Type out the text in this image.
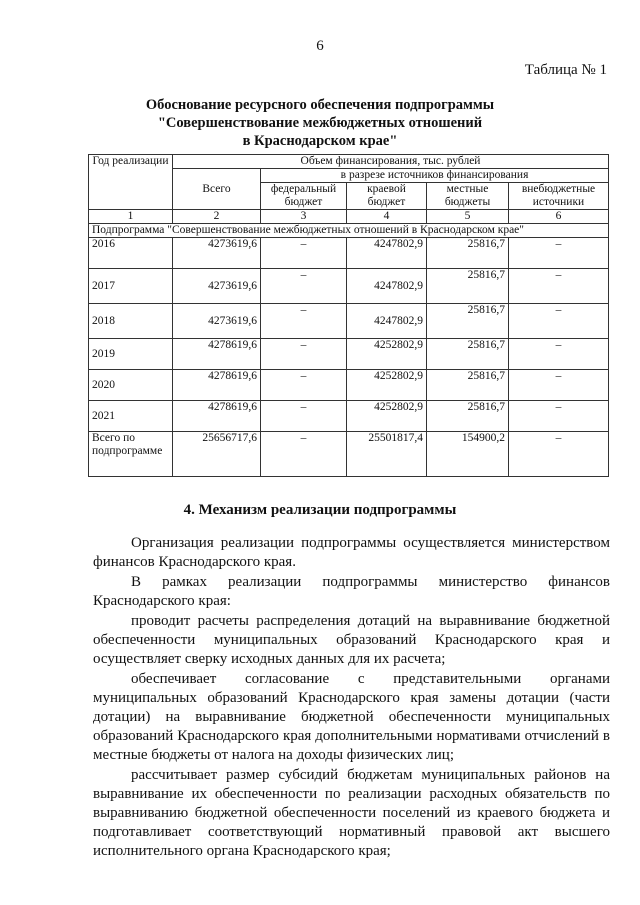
6
Таблица № 1
Обоснование ресурсного обеспечения подпрограммы
"Совершенствование межбюджетных отношений
в Краснодарском крае"
Год реализации	Объем финансирования, тыс. рублей				
	Всего	в разрезе источников финансирования			
		федеральный бюджет	краевой бюджет	местные бюджеты	внебюджетные источники
1	2	3	4	5	6
Подпрограмма "Совершенствование межбюджетных отношений в Краснодарском крае"					
2016	4273619,6	–	4247802,9	25816,7	–
2017	4273619,6	–	4247802,9	25816,7	–
2018	4273619,6	–	4247802,9	25816,7	–
2019	4278619,6	–	4252802,9	25816,7	–
2020	4278619,6	–	4252802,9	25816,7	–
2021	4278619,6	–	4252802,9	25816,7	–
Всего по подпрограмме	25656717,6	–	25501817,4	154900,2	–
4. Механизм реализации подпрограммы

Организация реализации подпрограммы осуществляется министерством финансов Краснодарского края.

В рамках реализации подпрограммы министерство финансов Краснодарского края:

проводит расчеты распределения дотаций на выравнивание бюджетной обеспеченности муниципальных образований Краснодарского края и осуществляет сверку исходных данных для их расчета;

обеспечивает согласование с представительными органами муниципальных образований Краснодарского края замены дотации (части дотации) на выравнивание бюджетной обеспеченности муниципальных образований Краснодарского края дополнительными нормативами отчислений в местные бюджеты от налога на доходы физических лиц;

рассчитывает размер субсидий бюджетам муниципальных районов на выравнивание их обеспеченности по реализации расходных обязательств по выравниванию бюджетной обеспеченности поселений из краевого бюджета и подготавливает соответствующий нормативный правовой акт высшего исполнительного органа Краснодарского края;
